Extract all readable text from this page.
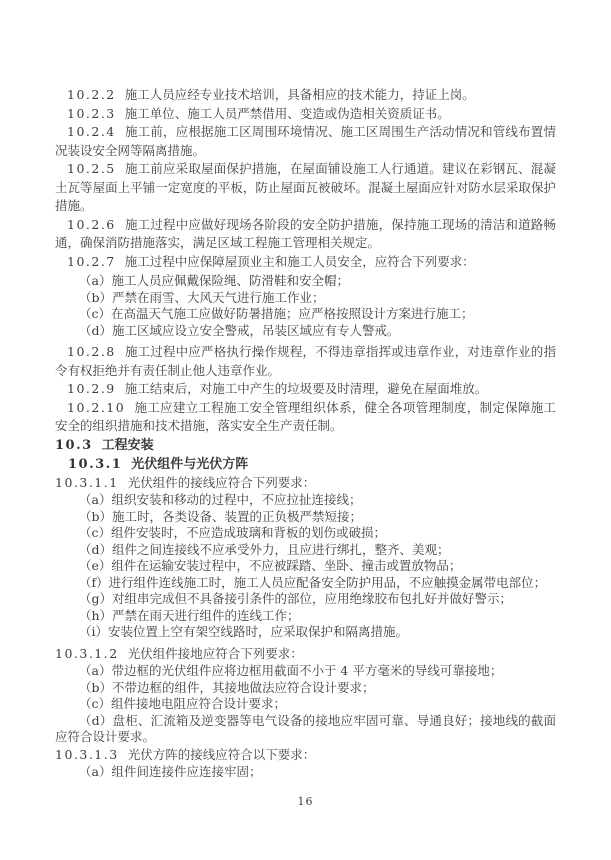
10.2.2 施工人员应经专业技术培训，具备相应的技术能力，持证上岗。

10.2.3 施工单位、施工人员严禁借用、变造或伪造相关资质证书。

10.2.4 施工前，应根据施工区周围环境情况、施工区周围生产活动情况和管线布置情况装设安全网等隔离措施。

10.2.5 施工前应采取屋面保护措施，在屋面铺设施工人行通道。建议在彩钢瓦、混凝土瓦等屋面上平铺一定宽度的平板，防止屋面瓦被破坏。混凝土屋面应针对防水层采取保护措施。

10.2.6 施工过程中应做好现场各阶段的安全防护措施，保持施工现场的清洁和道路畅通，确保消防措施落实，满足区域工程施工管理相关规定。

10.2.7 施工过程中应保障屋顶业主和施工人员安全，应符合下列要求：

（a）施工人员应佩戴保险绳、防滑鞋和安全帽；

（b）严禁在雨雪、大风天气进行施工作业；

（c）在高温天气施工应做好防暑措施；应严格按照设计方案进行施工；

（d）施工区域应设立安全警戒，吊装区域应有专人警戒。

10.2.8 施工过程中应严格执行操作规程，不得违章指挥或违章作业，对违章作业的指令有权拒绝并有责任制止他人违章作业。

10.2.9 施工结束后，对施工中产生的垃圾要及时清理，避免在屋面堆放。

10.2.10 施工应建立工程施工安全管理组织体系，健全各项管理制度，制定保障施工安全的组织措施和技术措施，落实安全生产责任制。

10.3 工程安装

10.3.1 光伏组件与光伏方阵

10.3.1.1 光伏组件的接线应符合下列要求：

（a）组织安装和移动的过程中，不应拉扯连接线；

（b）施工时，各类设备、装置的正负极严禁短接；

（c）组件安装时，不应造成玻璃和背板的划伤或破损；

（d）组件之间连接线不应承受外力，且应进行绑扎，整齐、美观；

（e）组件在运输安装过程中，不应被踩踏、坐卧、撞击或置放物品；

（f）进行组件连线施工时，施工人员应配备安全防护用品，不应触摸金属带电部位；

（g）对组串完成但不具备接引条件的部位，应用绝缘胶布包扎好并做好警示；

（h）严禁在雨天进行组件的连线工作；

（i）安装位置上空有架空线路时，应采取保护和隔离措施。

10.3.1.2 光伏组件接地应符合下列要求：

（a）带边框的光伏组件应将边框用截面不小于 4 平方毫米的导线可靠接地；

（b）不带边框的组件，其接地做法应符合设计要求；

（c）组件接地电阻应符合设计要求；

（d）盘柜、汇流箱及逆变器等电气设备的接地应牢固可靠、导通良好；接地线的截面应符合设计要求。

10.3.1.3 光伏方阵的接线应符合以下要求：

（a）组件间连接件应连接牢固；

16
